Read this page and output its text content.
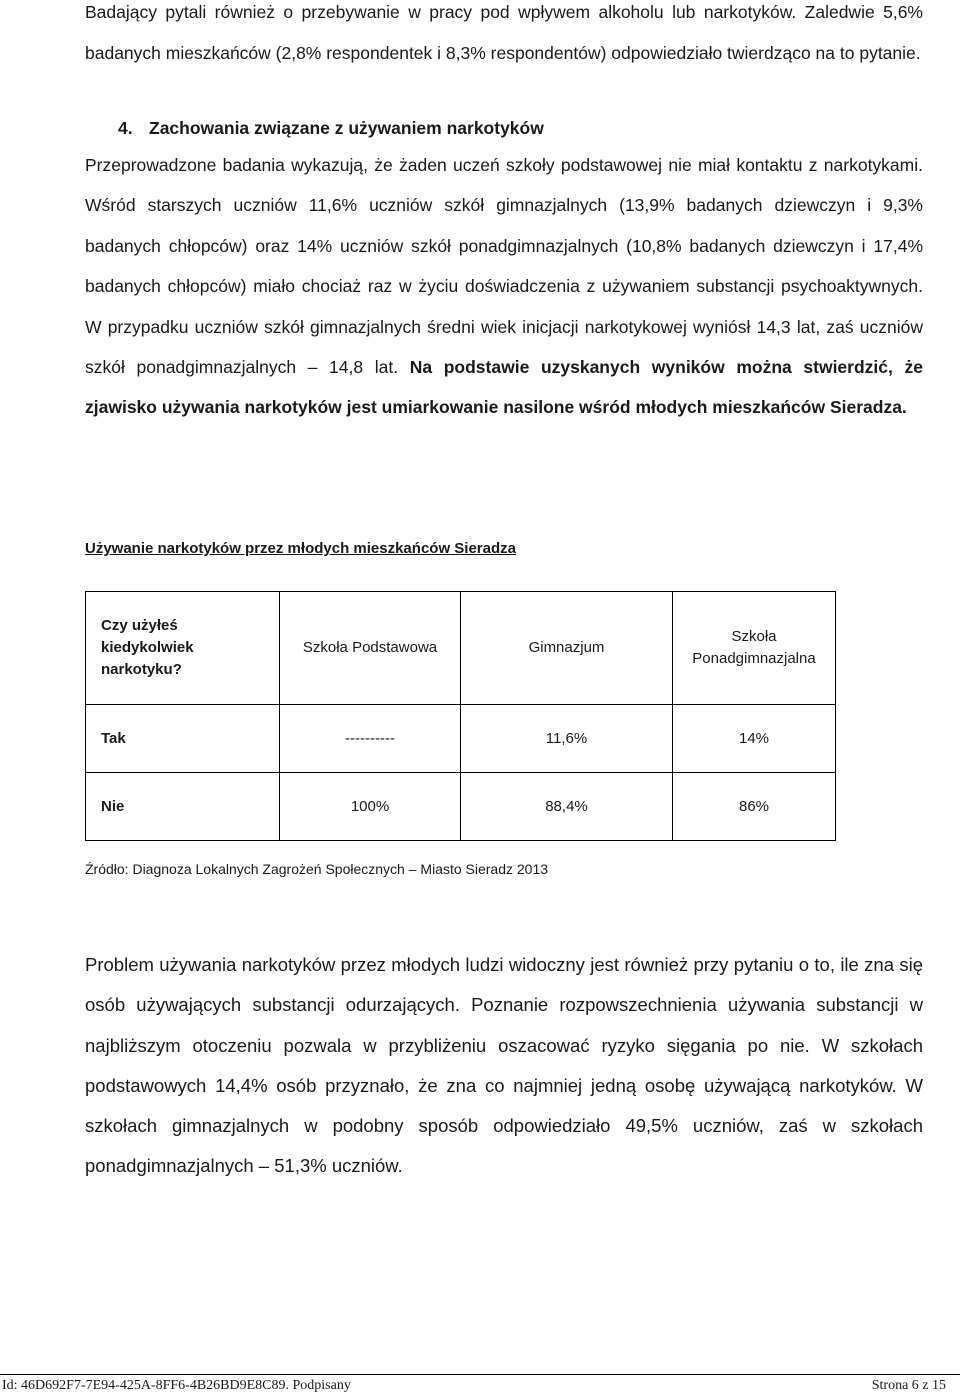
Badający pytali również o przebywanie w pracy pod wpływem alkoholu lub narkotyków. Zaledwie 5,6% badanych mieszkańców (2,8% respondentek i 8,3% respondentów) odpowiedziało twierdząco na to pytanie.

4. Zachowania związane z używaniem narkotyków

Przeprowadzone badania wykazują, że żaden uczeń szkoły podstawowej nie miał kontaktu z narkotykami. Wśród starszych uczniów 11,6% uczniów szkół gimnazjalnych (13,9% badanych dziewczyn i 9,3% badanych chłopców) oraz 14% uczniów szkół ponadgimnazjalnych (10,8% badanych dziewczyn i 17,4% badanych chłopców) miało chociaż raz w życiu doświadczenia z używaniem substancji psychoaktywnych. W przypadku uczniów szkół gimnazjalnych średni wiek inicjacji narkotykowej wyniósł 14,3 lat, zaś uczniów szkół ponadgimnazjalnych – 14,8 lat. Na podstawie uzyskanych wyników można stwierdzić, że zjawisko używania narkotyków jest umiarkowanie nasilone wśród młodych mieszkańców Sieradza.

Używanie narkotyków przez młodych mieszkańców Sieradza

Czy użyłeś kiedykolwiek narkotyku?	Szkoła Podstawowa	Gimnazjum	Szkoła Ponadgimnazjalna
Tak	----------	11,6%	14%
Nie	100%	88,4%	86%

Źródło: Diagnoza Lokalnych Zagrożeń Społecznych – Miasto Sieradz 2013

Problem używania narkotyków przez młodych ludzi widoczny jest również przy pytaniu o to, ile zna się osób używających substancji odurzających. Poznanie rozpowszechnienia używania substancji w najbliższym otoczeniu pozwala w przybliżeniu oszacować ryzyko sięgania po nie. W szkołach podstawowych 14,4% osób przyznało, że zna co najmniej jedną osobę używającą narkotyków. W szkołach gimnazjalnych w podobny sposób odpowiedziało 49,5% uczniów, zaś w szkołach ponadgimnazjalnych – 51,3% uczniów.

Id: 46D692F7-7E94-425A-8FF6-4B26BD9E8C89. Podpisany	Strona 6 z 15
